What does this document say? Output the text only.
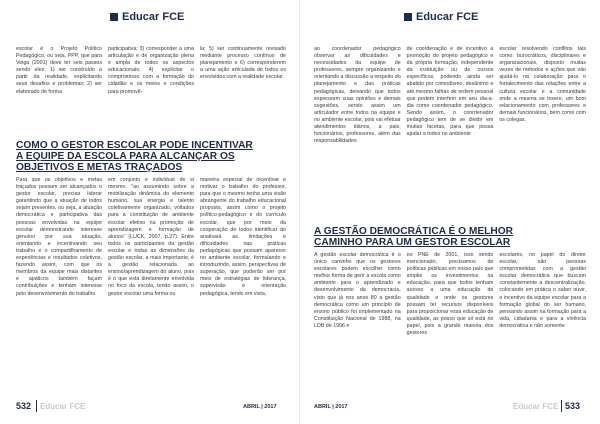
Educar FCE
escolar é o Projeto Político Pedagógico, ou seja, PPP, que para Veiga (2001) deve ter seis passos sendo eles: 1) ser construído a partir da realidade, explicitando seus desafios e problemas; 2) ser elaborado de forma
participativa; 3) corresponder a uma articulação e de organização plena e ampla de todos os aspectos educacionais; 4) explicitar o compromisso com a formação do cidadão e os meios e condições para promovê-
la; 5) ser continuamente revisado mediante processo contínuo de planejamento e 6) corresponderem a uma ação articulada de todos os envolvidos com a realidade escolar.
COMO O GESTOR ESCOLAR PODE INCENTIVAR
A EQUIPE DA ESCOLA PARA ALCANÇAR OS
OBJETIVOS E METAS TRAÇADOS
Para que os objetivos e metas traçados possam ser alcançados o gestor escolar, precisa liderar garantindo que a atuação de todos sejam presentes, ou seja, a atuação democrática e participativa das pessoas envolvidas na equipe escolar demonstrando interesse genuíno por sua atuação, orientando e incentivando seu trabalho e o compartilhamento de experiências e resultados coletivos, fazendo assim, com que os membros da equipe mais distantes e apáticos também façam contribuições e tenham interesse pelo desenvolvimento do trabalho
em conjunto e individual de si mesmo, "ao assumindo sobre a mobilização dinâmica do elemento humano, sua energia e talento coletivamente organizado, voltados para a constituição de ambiente escolar efetivo na promoção de aprendizagem e formação de alunos" (LUCK, 2007, p.27). Entre todos os participantes da gestão escolar e todas as dimensões da gestão escolar, a mais importante, é a gestão relacionada ao ensino/aprendizagem do aluno, pois é o que está diretamente envolvida no foco da escola, tendo assim, o gestor escolar uma forma ou
maneira especial de incentivar e motivar o trabalho do professor, para que o mesmo tenha uma visão abrangente do trabalho educacional proposto, assim como o projeto político-pedagógico e do currículo escolar, que por meio da cooperação de todos identificar ão analisará as limitações e dificuldades nas práticas pedagógicas que possam aparecer no ambiente escolar, formulando e introduzindo, assim, perspectivas de superação, que poderão ser por meio de estratégias de liderança, supervisão e orientação pedagógica, tendo em vista,
532 Educar FCE	ABRIL | 2017
Educar FCE
ao coordenador pedagógico observar as dificuldades e necessidades da equipe de professores, sempre organizando e orientando a discussão a respeito do planejamento e das práticas pedagógicas, deixando que todos expressem suas opiniões e demais sugestões, sendo assim um articulador entre todos na equipe e no ambiente escolar, pois vai efetuar atendimentos diários, a pais, funcionários, professores, além das responsabilidades
de coordenação e de incentivo a promoção do projeto pedagógico e da própria formação, independente da instituição ou de cursos específicos, podendo ainda ser abatido por comodismo, desânimo e até mesmo falhas de ordem pessoal que podem interferir em seu dia-a-dia como coordenador pedagógico. Sendo assim, o coordenador pedagógico tem de se dividir em muitas facetas, para que possa ajudar a todos no ambiente
escolar resolvendo conflitos tais como: burocráticos, disciplinares e organizacionais, disposto muitas vezes de métodos e ações que vão ajudá-lo na colaboração para o fortalecimento das relações entre a cultura escolar e a comunidade onde a mesma se insere, um bom relacionamento com professores e demais funcionários, bem como com os colegas.
A GESTÃO DEMOCRÁTICA É O MELHOR
CAMINHO PARA UM GESTOR ESCOLAR
A gestão escolar democrática é o único caminho que os gestores escolares podem escolher como melhor forma de gerir a escola como ambiente para o aprendizado e desenvolvimento da democracia, visto que já nos anos 80 a gestão democrática como um princípio de ensino público foi implementado na Constituição Nacional de 1988, na LDB de 1996 e
no PNE de 2001, isso sendo mencionado, precisamos de políticas públicas em nosso país que amplie os investimentos na educação, para que todos tenham acesso a uma educação de qualidade e onde os gestores possam ter recursos disponíveis para proporcionar essa educação de qualidade, as posso que só está no papel, pois a grande maioria dos gestores
escolares, no papel do diretor escolar, são pessoas comprometidas com a gestão escolar democrática que buscam constantemente a descentralização, colocando em prática o saber ouvir, o incentivo da equipe escolar para a formação global do ser humano, pensando assim na formação para a vida, cidadania e para a vivência democrática e não somente
ABRIL | 2017	Educar FCE 533
